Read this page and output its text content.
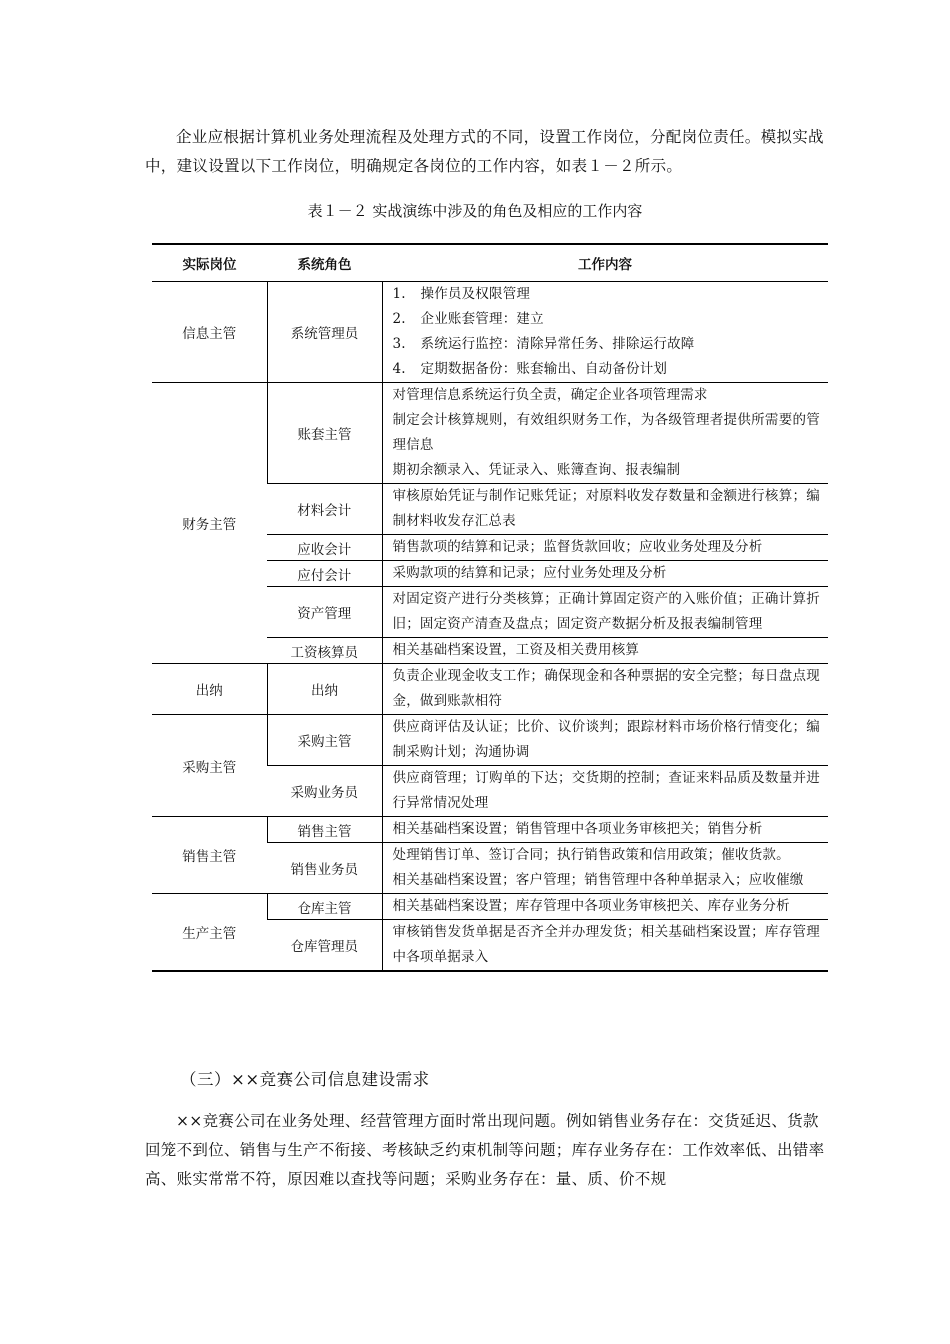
企业应根据计算机业务处理流程及处理方式的不同，设置工作岗位，分配岗位责任。模拟实战中，建议设置以下工作岗位，明确规定各岗位的工作内容，如表１－２所示。

表１－２ 实战演练中涉及的角色及相应的工作内容

实际岗位	系统角色	工作内容
信息主管	系统管理员	1. 操作员及权限管理
2. 企业账套管理：建立
3. 系统运行监控：清除异常任务、排除运行故障
4. 定期数据备份：账套输出、自动备份计划

财务主管	账套主管	对管理信息系统运行负全责，确定企业各项管理需求
制定会计核算规则，有效组织财务工作，为各级管理者提供所需要的管理信息
期初余额录入、凭证录入、账簿查询、报表编制

	材料会计	审核原始凭证与制作记账凭证；对原料收发存数量和金额进行核算；编制材料收发存汇总表

	应收会计	销售款项的结算和记录；监督货款回收；应收业务处理及分析

	应付会计	采购款项的结算和记录；应付业务处理及分析

	资产管理	对固定资产进行分类核算；正确计算固定资产的入账价值；正确计算折旧；固定资产清查及盘点；固定资产数据分析及报表编制管理

	工资核算员	相关基础档案设置，工资及相关费用核算

出纳	出纳	负责企业现金收支工作；确保现金和各种票据的安全完整；每日盘点现金，做到账款相符

采购主管	采购主管	供应商评估及认证；比价、议价谈判；跟踪材料市场价格行情变化；编制采购计划；沟通协调

	采购业务员	供应商管理；订购单的下达；交货期的控制；查证来料品质及数量并进行异常情况处理

销售主管	销售主管	相关基础档案设置；销售管理中各项业务审核把关；销售分析

	销售业务员	处理销售订单、签订合同；执行销售政策和信用政策；催收货款。
相关基础档案设置；客户管理；销售管理中各种单据录入；应收催缴

生产主管	仓库主管	相关基础档案设置；库存管理中各项业务审核把关、库存业务分析

	仓库管理员	审核销售发货单据是否齐全并办理发货；相关基础档案设置；库存管理中各项单据录入
（三）××竞赛公司信息建设需求

××竞赛公司在业务处理、经营管理方面时常出现问题。例如销售业务存在：交货延迟、货款回笼不到位、销售与生产不衔接、考核缺乏约束机制等问题；库存业务存在：工作效率低、出错率高、账实常常不符，原因难以查找等问题；采购业务存在：量、质、价不规
